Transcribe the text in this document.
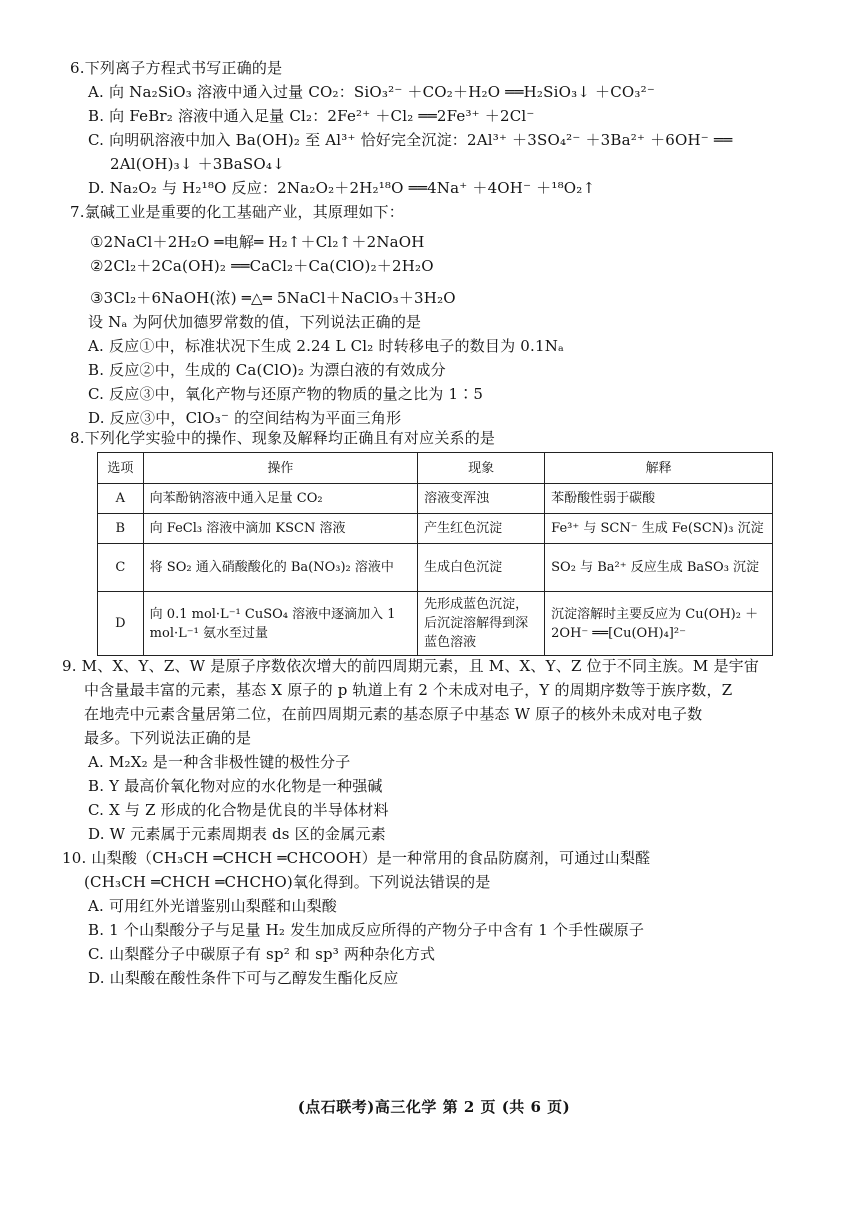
6.下列离子方程式书写正确的是
A. 向 Na₂SiO₃ 溶液中通入过量 CO₂：SiO₃²⁻ ＋CO₂＋H₂O ══H₂SiO₃↓ ＋CO₃²⁻
B. 向 FeBr₂ 溶液中通入足量 Cl₂：2Fe²⁺ ＋Cl₂ ══2Fe³⁺ ＋2Cl⁻
C. 向明矾溶液中加入 Ba(OH)₂ 至 Al³⁺ 恰好完全沉淀：2Al³⁺ ＋3SO₄²⁻ ＋3Ba²⁺ ＋6OH⁻ ══
2Al(OH)₃↓ ＋3BaSO₄↓
D. Na₂O₂ 与 H₂¹⁸O 反应：2Na₂O₂＋2H₂¹⁸O ══4Na⁺ ＋4OH⁻ ＋¹⁸O₂↑
7.氯碱工业是重要的化工基础产业，其原理如下：
①2NaCl＋2H₂O ═电解═ H₂↑＋Cl₂↑＋2NaOH
②2Cl₂＋2Ca(OH)₂ ══CaCl₂＋Ca(ClO)₂＋2H₂O
③3Cl₂＋6NaOH(浓) ═△═ 5NaCl＋NaClO₃＋3H₂O
设 Nₐ 为阿伏加德罗常数的值，下列说法正确的是
A. 反应①中，标准状况下生成 2.24 L Cl₂ 时转移电子的数目为 0.1Nₐ
B. 反应②中，生成的 Ca(ClO)₂ 为漂白液的有效成分
C. 反应③中，氧化产物与还原产物的物质的量之比为 1∶5
D. 反应③中，ClO₃⁻ 的空间结构为平面三角形
8.下列化学实验中的操作、现象及解释均正确且有对应关系的是
选项	操作	现象	解释
A	向苯酚钠溶液中通入足量 CO₂	溶液变浑浊	苯酚酸性弱于碳酸
B	向 FeCl₃ 溶液中滴加 KSCN 溶液	产生红色沉淀	Fe³⁺ 与 SCN⁻ 生成 Fe(SCN)₃ 沉淀
C	将 SO₂ 通入硝酸酸化的 Ba(NO₃)₂ 溶液中	生成白色沉淀	SO₂ 与 Ba²⁺ 反应生成 BaSO₃ 沉淀
D	向 0.1 mol·L⁻¹ CuSO₄ 溶液中逐滴加入 1 mol·L⁻¹ 氨水至过量	先形成蓝色沉淀，后沉淀溶解得到深蓝色溶液	沉淀溶解时主要反应为 Cu(OH)₂ ＋2OH⁻ ══[Cu(OH)₄]²⁻
9. M、X、Y、Z、W 是原子序数依次增大的前四周期元素，且 M、X、Y、Z 位于不同主族。M 是宇宙
中含量最丰富的元素，基态 X 原子的 p 轨道上有 2 个未成对电子，Y 的周期序数等于族序数，Z
在地壳中元素含量居第二位，在前四周期元素的基态原子中基态 W 原子的核外未成对电子数
最多。下列说法正确的是
A. M₂X₂ 是一种含非极性键的极性分子
B. Y 最高价氧化物对应的水化物是一种强碱
C. X 与 Z 形成的化合物是优良的半导体材料
D. W 元素属于元素周期表 ds 区的金属元素
10. 山梨酸（CH₃CH ═CHCH ═CHCOOH）是一种常用的食品防腐剂，可通过山梨醛
(CH₃CH ═CHCH ═CHCHO)氧化得到。下列说法错误的是
A. 可用红外光谱鉴别山梨醛和山梨酸
B. 1 个山梨酸分子与足量 H₂ 发生加成反应所得的产物分子中含有 1 个手性碳原子
C. 山梨醛分子中碳原子有 sp² 和 sp³ 两种杂化方式
D. 山梨酸在酸性条件下可与乙醇发生酯化反应
(点石联考)高三化学 第 2 页 (共 6 页)
